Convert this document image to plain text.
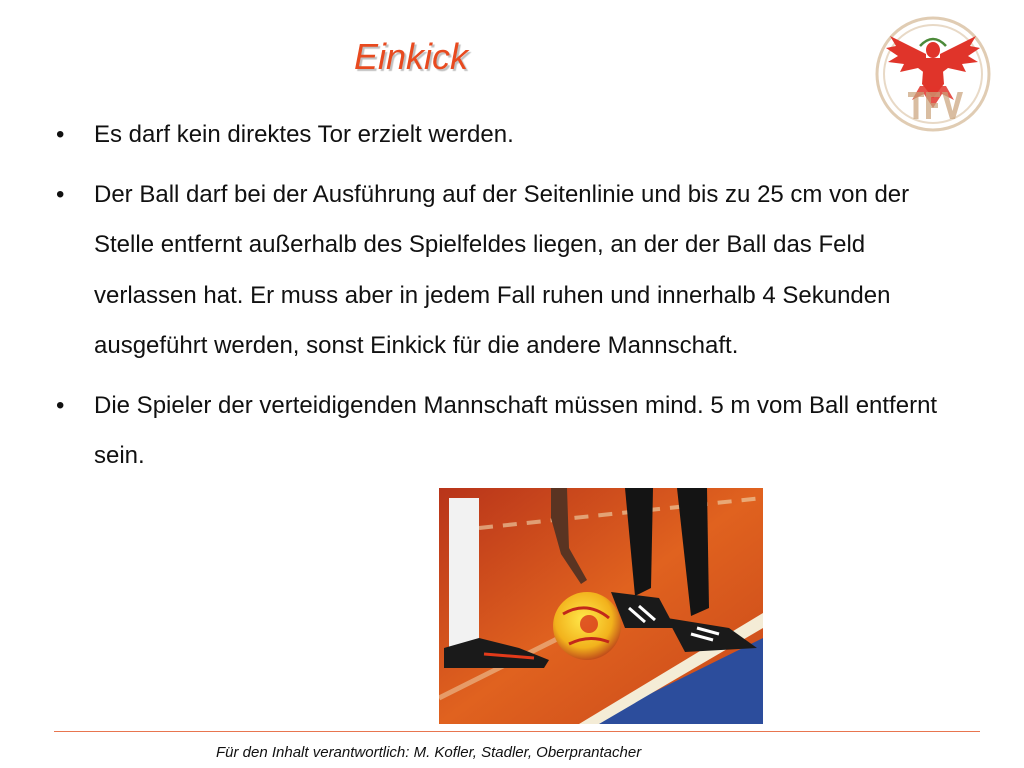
Einkick
• Es darf kein direktes Tor erzielt werden.
• Der Ball darf bei der Ausführung auf der Seitenlinie und bis zu 25 cm von der Stelle entfernt außerhalb des Spielfeldes liegen, an der der Ball das Feld verlassen hat. Er muss aber in jedem Fall ruhen und innerhalb 4 Sekunden ausgeführt werden, sonst Einkick für die andere Mannschaft.
• Die Spieler der verteidigenden Mannschaft müssen mind. 5 m vom Ball entfernt sein.
Für den Inhalt verantwortlich: M. Kofler, Stadler, Oberprantacher
